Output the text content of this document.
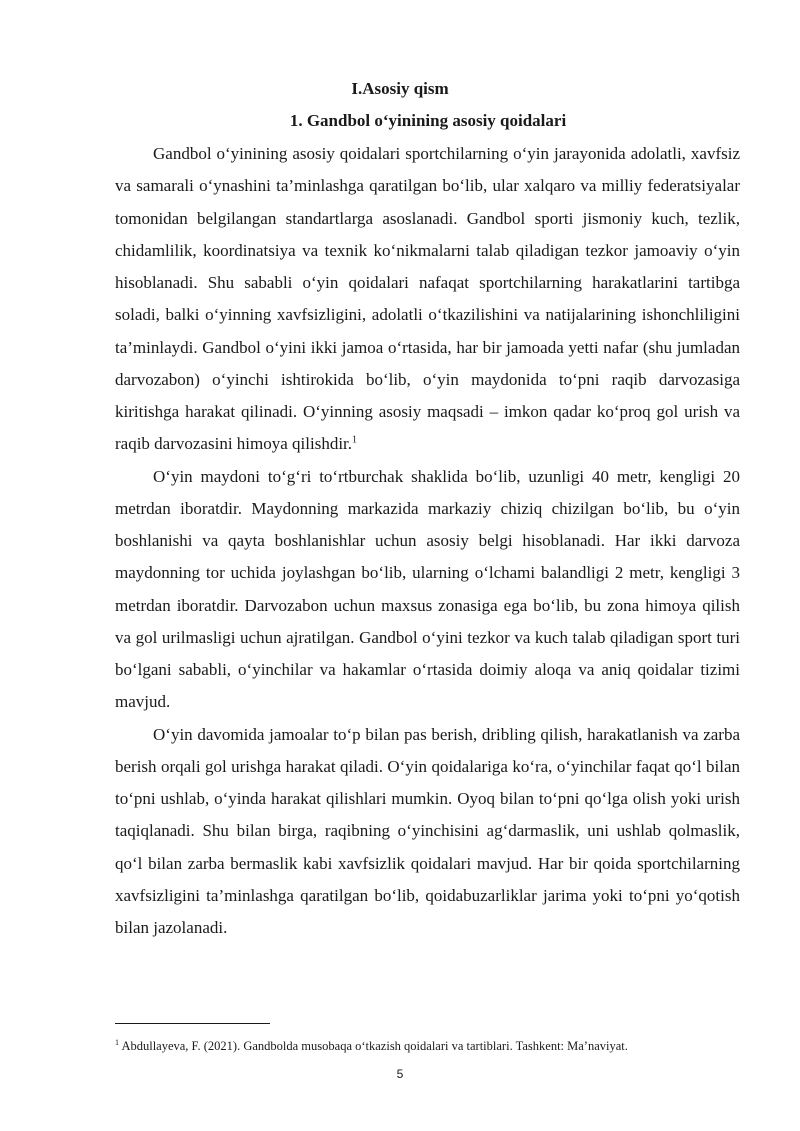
I.Asosiy qism
1. Gandbol o‘yinining asosiy qoidalari

Gandbol o‘yinining asosiy qoidalari sportchilarning o‘yin jarayonida adolatli, xavfsiz va samarali o‘ynashini ta’minlashga qaratilgan bo‘lib, ular xalqaro va milliy federatsiyalar tomonidan belgilangan standartlarga asoslanadi. Gandbol sporti jismoniy kuch, tezlik, chidamlilik, koordinatsiya va texnik ko‘nikmalarni talab qiladigan tezkor jamoaviy o‘yin hisoblanadi. Shu sababli o‘yin qoidalari nafaqat sportchilarning harakatlarini tartibga soladi, balki o‘yinning xavfsizligini, adolatli o‘tkazilishini va natijalarining ishonchliligini ta’minlaydi. Gandbol o‘yini ikki jamoa o‘rtasida, har bir jamoada yetti nafar (shu jumladan darvozabon) o‘yinchi ishtirokida bo‘lib, o‘yin maydonida to‘pni raqib darvozasiga kiritishga harakat qilinadi. O‘yinning asosiy maqsadi – imkon qadar ko‘proq gol urish va raqib darvozasini himoya qilishdir.$^1$

O‘yin maydoni to‘g‘ri to‘rtburchak shaklida bo‘lib, uzunligi 40 metr, kengligi 20 metrdan iboratdir. Maydonning markazida markaziy chiziq chizilgan bo‘lib, bu o‘yin boshlanishi va qayta boshlanishlar uchun asosiy belgi hisoblanadi. Har ikki darvoza maydonning tor uchida joylashgan bo‘lib, ularning o‘lchami balandligi 2 metr, kengligi 3 metrdan iboratdir. Darvozabon uchun maxsus zonasiga ega bo‘lib, bu zona himoya qilish va gol urilmasligi uchun ajratilgan. Gandbol o‘yini tezkor va kuch talab qiladigan sport turi bo‘lgani sababli, o‘yinchilar va hakamlar o‘rtasida doimiy aloqa va aniq qoidalar tizimi mavjud.

O‘yin davomida jamoalar to‘p bilan pas berish, dribling qilish, harakatlanish va zarba berish orqali gol urishga harakat qiladi. O‘yin qoidalariga ko‘ra, o‘yinchilar faqat qo‘l bilan to‘pni ushlab, o‘yinda harakat qilishlari mumkin. Oyoq bilan to‘pni qo‘lga olish yoki urish taqiqlanadi. Shu bilan birga, raqibning o‘yinchisini ag‘darmaslik, uni ushlab qolmaslik, qo‘l bilan zarba bermaslik kabi xavfsizlik qoidalari mavjud. Har bir qoida sportchilarning xavfsizligini ta’minlashga qaratilgan bo‘lib, qoidabuzarliklar jarima yoki to‘pni yo‘qotish bilan jazolanadi.

$^1$ Abdullayeva, F. (2021). Gandbolda musobaqa o‘tkazish qoidalari va tartiblari. Tashkent: Ma’naviyat.

5
